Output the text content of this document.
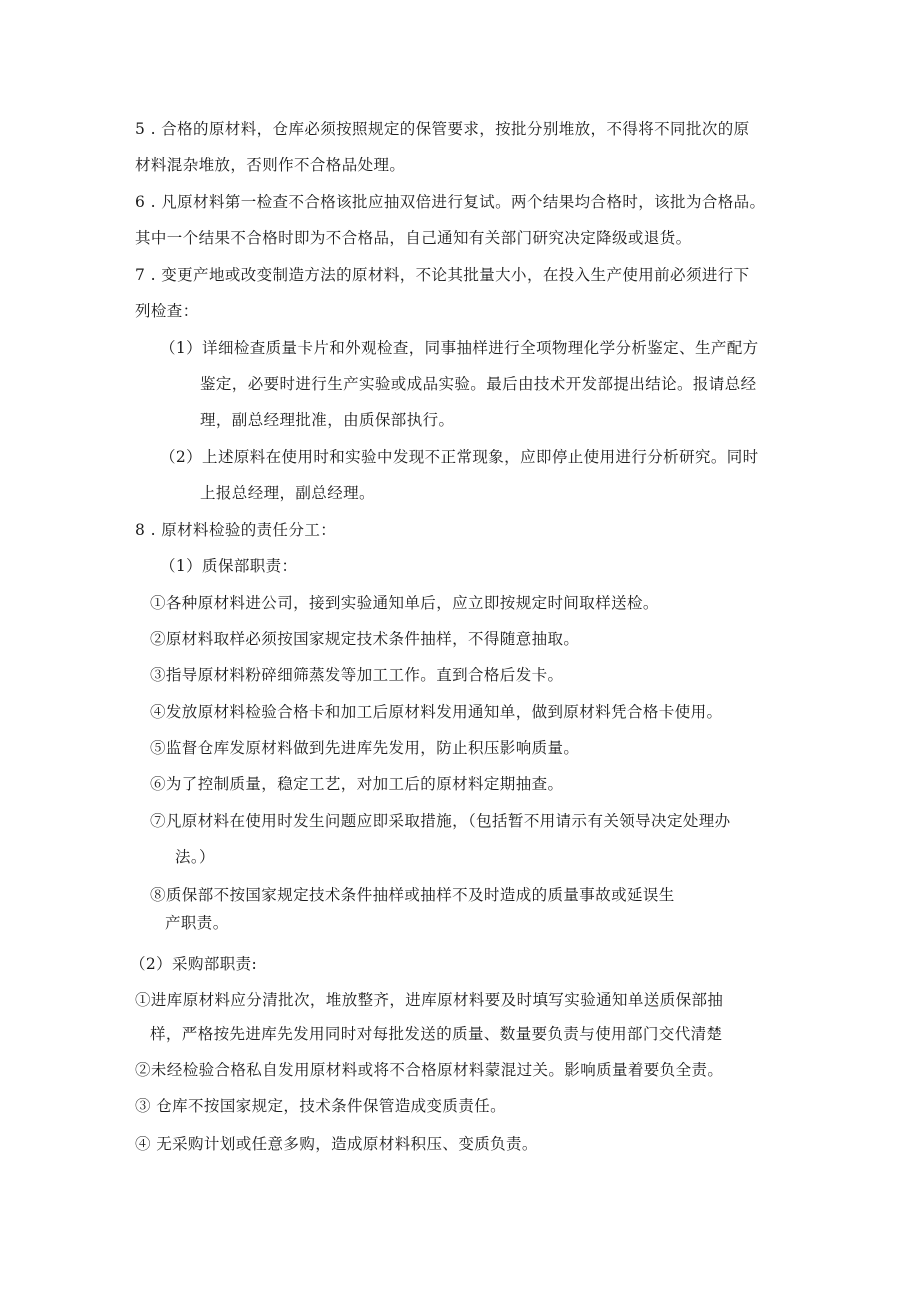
5 . 合格的原材料，仓库必须按照规定的保管要求，按批分别堆放，不得将不同批次的原

材料混杂堆放，否则作不合格品处理。

6 . 凡原材料第一检查不合格该批应抽双倍进行复试。两个结果均合格时，该批为合格品。

其中一个结果不合格时即为不合格品，自己通知有关部门研究决定降级或退货。

7 . 变更产地或改变制造方法的原材料，不论其批量大小，在投入生产使用前必须进行下

列检查：

（1）详细检查质量卡片和外观检查，同事抽样进行全项物理化学分析鉴定、生产配方

鉴定，必要时进行生产实验或成品实验。最后由技术开发部提出结论。报请总经

理，副总经理批准，由质保部执行。

（2）上述原料在使用时和实验中发现不正常现象，应即停止使用进行分析研究。同时

上报总经理，副总经理。

8 . 原材料检验的责任分工：

（1）质保部职责：

①各种原材料进公司，接到实验通知单后，应立即按规定时间取样送检。

②原材料取样必须按国家规定技术条件抽样，不得随意抽取。

③指导原材料粉碎细筛蒸发等加工工作。直到合格后发卡。

④发放原材料检验合格卡和加工后原材料发用通知单，做到原材料凭合格卡使用。

⑤监督仓库发原材料做到先进库先发用，防止积压影响质量。

⑥为了控制质量，稳定工艺，对加工后的原材料定期抽查。

⑦凡原材料在使用时发生问题应即采取措施，（包括暂不用请示有关领导决定处理办

法。）

⑧质保部不按国家规定技术条件抽样或抽样不及时造成的质量事故或延误生

产职责。

（2）采购部职责:

①进库原材料应分清批次，堆放整齐，进库原材料要及时填写实验通知单送质保部抽

样，严格按先进库先发用同时对每批发送的质量、数量要负责与使用部门交代清楚

②未经检验合格私自发用原材料或将不合格原材料蒙混过关。影响质量着要负全责。

③ 仓库不按国家规定，技术条件保管造成变质责任。

④ 无采购计划或任意多购，造成原材料积压、变质负责。
